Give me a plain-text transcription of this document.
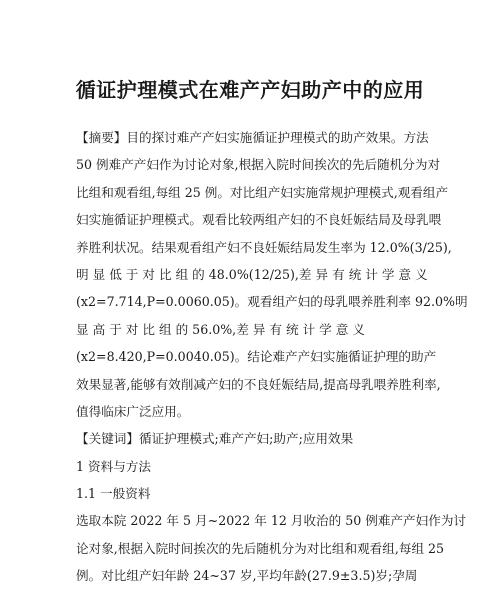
循证护理模式在难产产妇助产中的应用
【摘要】目的探讨难产产妇实施循证护理模式的助产效果。方法
50 例难产产妇作为讨论对象,根据入院时间挨次的先后随机分为对
比组和观看组,每组 25 例。对比组产妇实施常规护理模式,观看组产
妇实施循证护理模式。观看比较两组产妇的不良妊娠结局及母乳喂
养胜利状况。结果观看组产妇不良妊娠结局发生率为 12.0%(3/25),
明 显 低 于 对 比 组 的 48.0%(12/25),差 异 有 统 计 学 意 义
(x2=7.714,P=0.0060.05)。观看组产妇的母乳喂养胜利率 92.0%明
显 高 于 对 比 组 的 56.0%,差 异 有 统 计 学 意 义
(x2=8.420,P=0.0040.05)。结论难产产妇实施循证护理的助产
效果显著,能够有效削减产妇的不良妊娠结局,提高母乳喂养胜利率,
值得临床广泛应用。
【关键词】循证护理模式;难产产妇;助产;应用效果
1 资料与方法
1.1 一般资料
选取本院 2022 年 5 月~2022 年 12 月收治的 50 例难产产妇作为讨
论对象,根据入院时间挨次的先后随机分为对比组和观看组,每组 25
例。对比组产妇年龄 24~37 岁,平均年龄(27.9±3.5)岁;孕周
